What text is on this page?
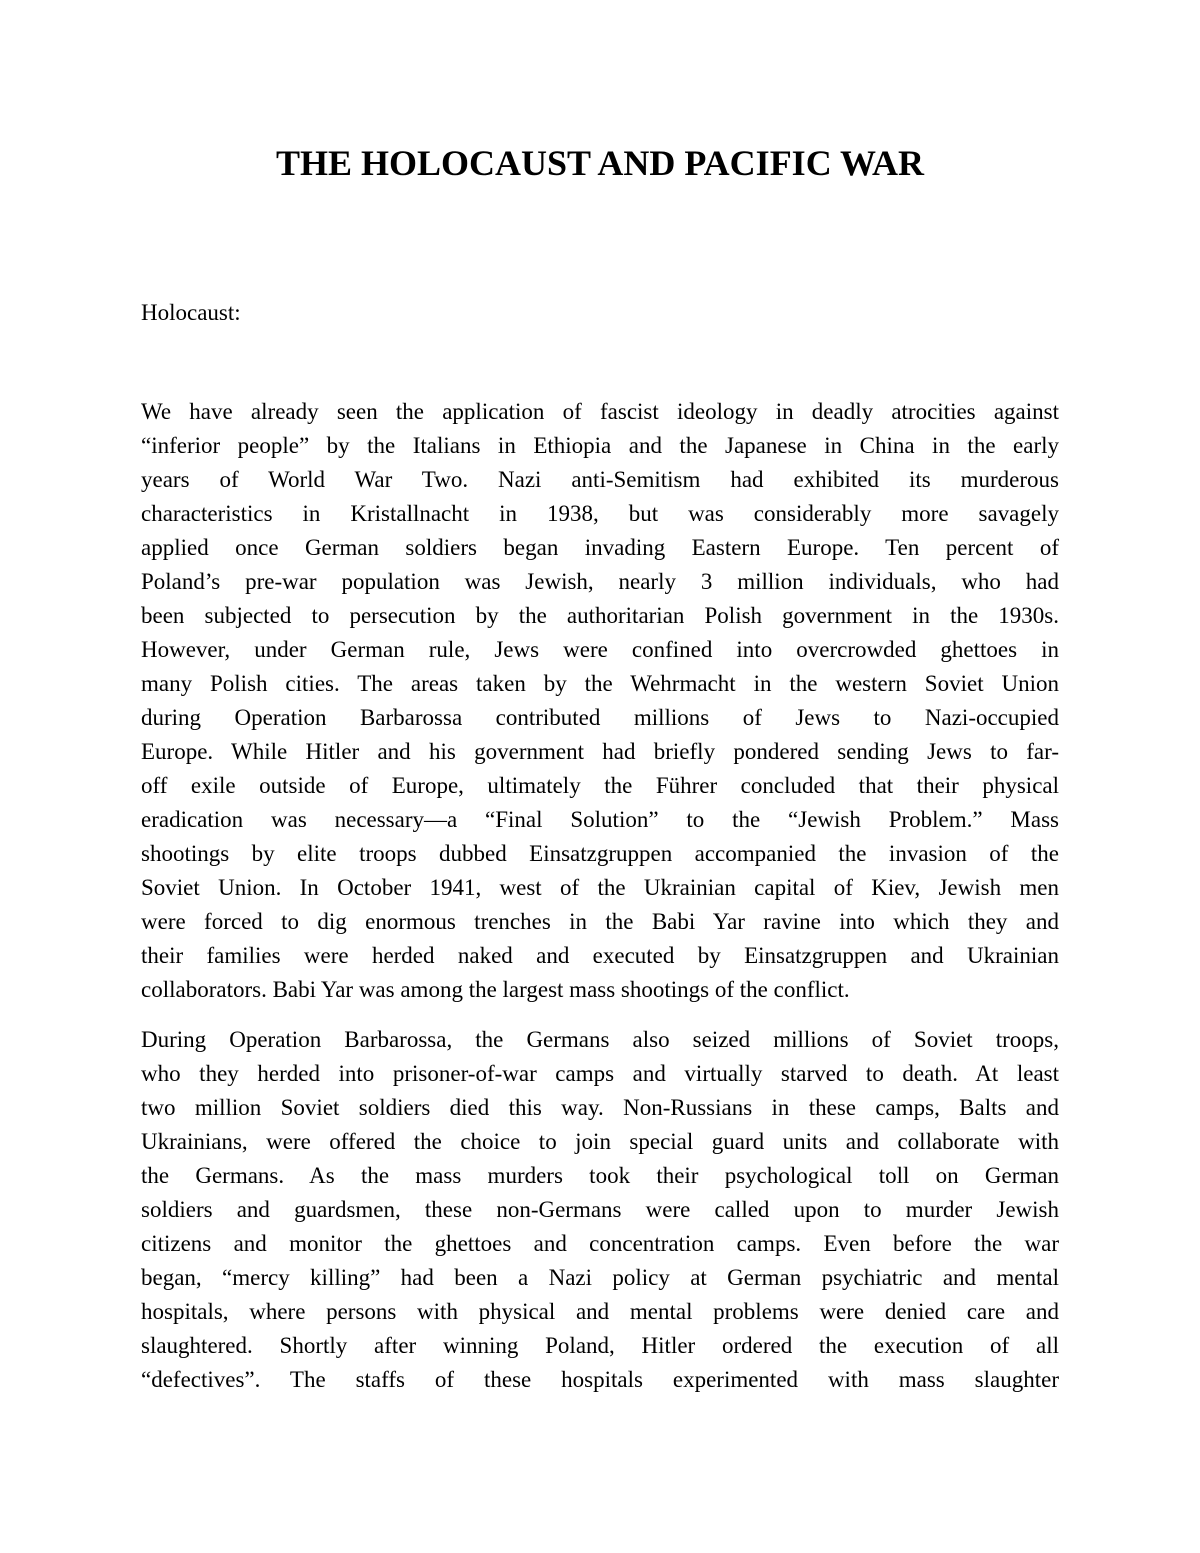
THE HOLOCAUST AND PACIFIC WAR
Holocaust:
We have already seen the application of fascist ideology in deadly atrocities against
“inferior people” by the Italians in Ethiopia and the Japanese in China in the early
years of World War Two. Nazi anti-Semitism had exhibited its murderous
characteristics in Kristallnacht in 1938, but was considerably more savagely
applied once German soldiers began invading Eastern Europe. Ten percent of
Poland’s pre-war population was Jewish, nearly 3 million individuals, who had
been subjected to persecution by the authoritarian Polish government in the 1930s.
However, under German rule, Jews were confined into overcrowded ghettoes in
many Polish cities. The areas taken by the Wehrmacht in the western Soviet Union
during Operation Barbarossa contributed millions of Jews to Nazi-occupied
Europe. While Hitler and his government had briefly pondered sending Jews to far-
off exile outside of Europe, ultimately the Führer concluded that their physical
eradication was necessary—a “Final Solution” to the “Jewish Problem.” Mass
shootings by elite troops dubbed Einsatzgruppen accompanied the invasion of the
Soviet Union. In October 1941, west of the Ukrainian capital of Kiev, Jewish men
were forced to dig enormous trenches in the Babi Yar ravine into which they and
their families were herded naked and executed by Einsatzgruppen and Ukrainian
collaborators. Babi Yar was among the largest mass shootings of the conflict.
During Operation Barbarossa, the Germans also seized millions of Soviet troops,
who they herded into prisoner-of-war camps and virtually starved to death. At least
two million Soviet soldiers died this way. Non-Russians in these camps, Balts and
Ukrainians, were offered the choice to join special guard units and collaborate with
the Germans. As the mass murders took their psychological toll on German
soldiers and guardsmen, these non-Germans were called upon to murder Jewish
citizens and monitor the ghettoes and concentration camps. Even before the war
began, “mercy killing” had been a Nazi policy at German psychiatric and mental
hospitals, where persons with physical and mental problems were denied care and
slaughtered. Shortly after winning Poland, Hitler ordered the execution of all
“defectives”. The staffs of these hospitals experimented with mass slaughter
